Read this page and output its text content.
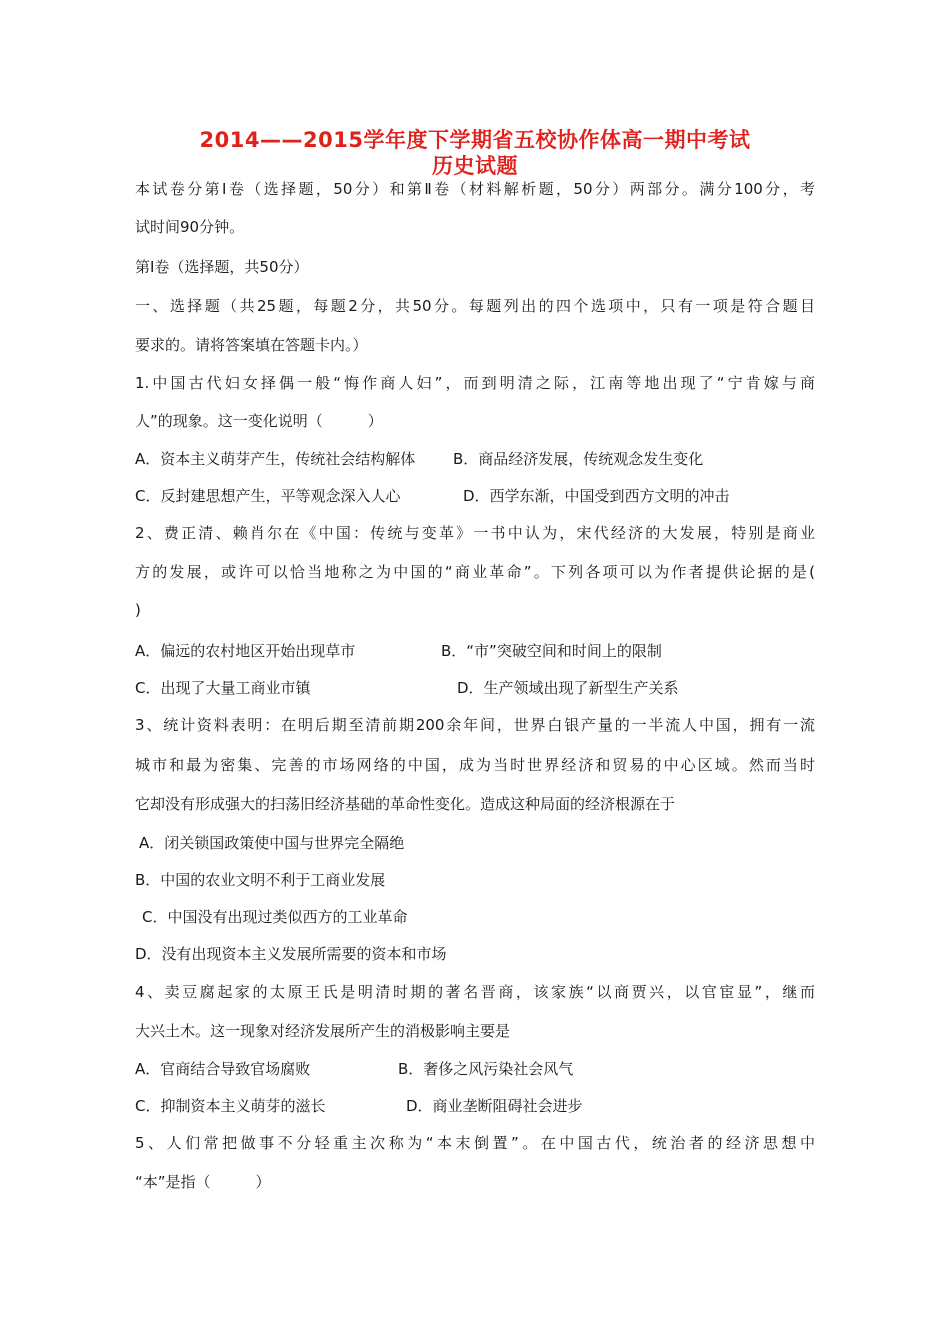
2014——2015学年度下学期省五校协作体高一期中考试
历史试题
本试卷分第Ⅰ卷（选择题，50分）和第Ⅱ卷（材料解析题，50分）两部分。满分100分，考
试时间90分钟。
第Ⅰ卷（选择题，共50分）
一、选择题（共25题，每题2分，共50分。每题列出的四个选项中，只有一项是符合题目
要求的。请将答案填在答题卡内。）
1.中国古代妇女择偶一般“悔作商人妇”，而到明清之际，江南等地出现了“宁肯嫁与商
人”的现象。这一变化说明（　　　）
A．资本主义萌芽产生，传统社会结构解体	B．商品经济发展，传统观念发生变化
C．反封建思想产生，平等观念深入人心	D．西学东渐，中国受到西方文明的冲击
2、费正清、赖肖尔在《中国：传统与变革》一书中认为，宋代经济的大发展，特别是商业
方的发展，或许可以恰当地称之为中国的“商业革命”。下列各项可以为作者提供论据的是(
)
A．偏远的农村地区开始出现草市	B．“市”突破空间和时间上的限制
C．出现了大量工商业市镇	D．生产领域出现了新型生产关系
3、统计资料表明：在明后期至清前期200余年间，世界白银产量的一半流人中国，拥有一流
城市和最为密集、完善的市场网络的中国，成为当时世界经济和贸易的中心区域。然而当时
它却没有形成强大的扫荡旧经济基础的革命性变化。造成这种局面的经济根源在于
A．闭关锁国政策使中国与世界完全隔绝
B．中国的农业文明不利于工商业发展
C．中国没有出现过类似西方的工业革命
D．没有出现资本主义发展所需要的资本和市场
4、卖豆腐起家的太原王氏是明清时期的著名晋商，该家族“以商贾兴，以官宦显”，继而
大兴土木。这一现象对经济发展所产生的消极影响主要是
A．官商结合导致官场腐败	B．奢侈之风污染社会风气
C．抑制资本主义萌芽的滋长	D．商业垄断阻碍社会进步
5、人们常把做事不分轻重主次称为“本末倒置”。在中国古代，统治者的经济思想中
“本”是指（　　　）
